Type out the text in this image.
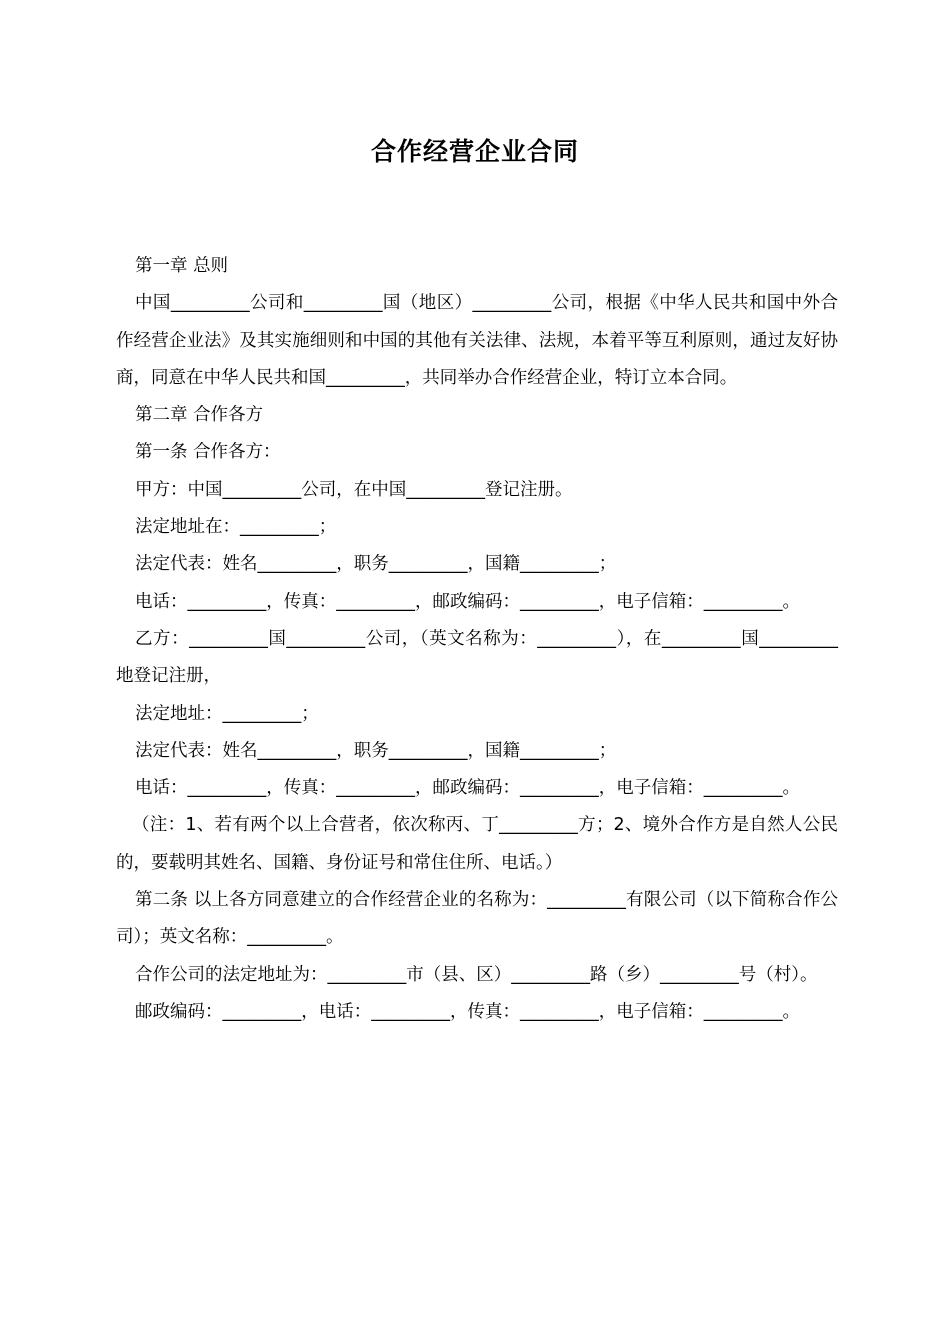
合作经营企业合同

第一章 总则

中国_________公司和_________国（地区）_________公司，根据《中华人民共和国中外合作经营企业法》及其实施细则和中国的其他有关法律、法规，本着平等互利原则，通过友好协商，同意在中华人民共和国_________，共同举办合作经营企业，特订立本合同。

第二章 合作各方

第一条 合作各方：

甲方：中国_________公司，在中国_________登记注册。

法定地址在：_________；

法定代表：姓名_________，职务_________，国籍_________；

电话：_________，传真：_________，邮政编码：_________，电子信箱：_________。

乙方：_________国_________公司，（英文名称为：_________），在_________国_________地登记注册，

法定地址：_________；

法定代表：姓名_________，职务_________，国籍_________；

电话：_________，传真：_________，邮政编码：_________，电子信箱：_________。

（注：1、若有两个以上合营者，依次称丙、丁_________方；2、境外合作方是自然人公民的，要载明其姓名、国籍、身份证号和常住住所、电话。）

第二条 以上各方同意建立的合作经营企业的名称为：_________有限公司（以下简称合作公司）；英文名称：_________。

合作公司的法定地址为：_________市（县、区）_________路（乡）_________号（村）。

邮政编码：_________，电话：_________，传真：_________，电子信箱：_________。
